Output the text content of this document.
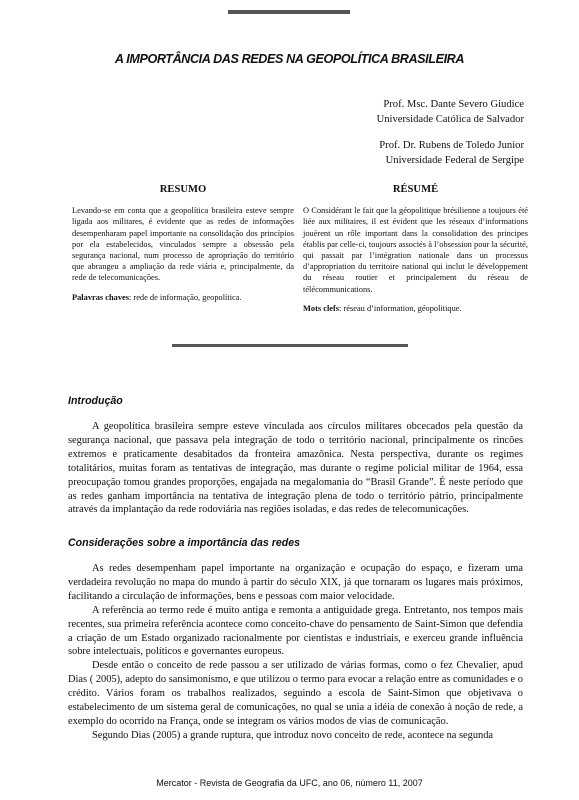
A IMPORTÂNCIA DAS REDES NA GEOPOLÍTICA BRASILEIRA
Prof. Msc. Dante Severo Giudice
Universidade Católica de Salvador
Prof. Dr. Rubens de Toledo Junior
Universidade Federal de Sergipe
RESUMO

Levando-se em conta que a geopolítica brasileira esteve sempre ligada aos militares, é evidente que as redes de informações desempenharam papel importante na consolidação dos princípios por ela estabelecidos, vinculados sempre a obsessão pela segurança nacional, num processo de apropriação do território que abrangeu a ampliação da rede viária e, principalmente, da rede de telecomunicações.

Palavras chaves: rede de informação, geopolítica.

RÉSUMÉ

O Considérant le fait que la géopolitique brésilienne a toujours été liée aux militaires, il est évident que les réseaux d’informations jouèrent un rôle important dans la consolidation des principes établis par celle-ci, toujours associés à l’obsession pour la sécurité, qui passait par l’intégration nationale dans un processus d’appropriation du territoire national qui inclut le développement du réseau routier et principalement du réseau de télécommunications.

Mots clefs: réseau d’information, géopolitique.

Introdução

A geopolítica brasileira sempre esteve vinculada aos círculos militares obcecados pela questão da segurança nacional, que passava pela integração de todo o território nacional, principalmente os rincões extremos e praticamente desabitados da fronteira amazônica. Nesta perspectiva, durante os regimes totalitários, muitas foram as tentativas de integração, mas durante o regime policial militar de 1964, essa preocupação tomou grandes proporções, engajada na megalomania do “Brasil Grande”. É neste período que as redes ganham importância na tentativa de integração plena de todo o território pátrio, principalmente através da implantação da rede rodoviária nas regiões isoladas, e das redes de telecomunicações.

Considerações sobre a importância das redes

As redes desempenham papel importante na organização e ocupação do espaço, e fizeram uma verdadeira revolução no mapa do mundo à partir do século XIX, já que tornaram os lugares mais próximos, facilitando a circulação de informações, bens e pessoas com maior velocidade.

A referência ao termo rede é muito antiga e remonta a antiguidade grega. Entretanto, nos tempos mais recentes, sua primeira referência acontece como conceito-chave do pensamento de Saint-Simon que defendia a criação de um Estado organizado racionalmente por cientistas e industriais, e exerceu grande influência sobre intelectuais, políticos e governantes europeus.

Desde então o conceito de rede passou a ser utilizado de várias formas, como o fez Chevalier, apud Dias ( 2005), adepto do sansimonismo, e que utilizou o termo para evocar a relação entre as comunidades e o crédito. Vários foram os trabalhos realizados, seguindo a escola de Saint-Simon que objetivava o estabelecimento de um sistema geral de comunicações, no qual se unia a idéia de conexão à noção de rede, a exemplo do ocorrido na França, onde se integram os vários modos de vias de comunicação.

Segundo Dias (2005) a grande ruptura, que introduz novo conceito de rede, acontece na segunda

Mercator - Revista de Geografia da UFC, ano 06, número 11, 2007
